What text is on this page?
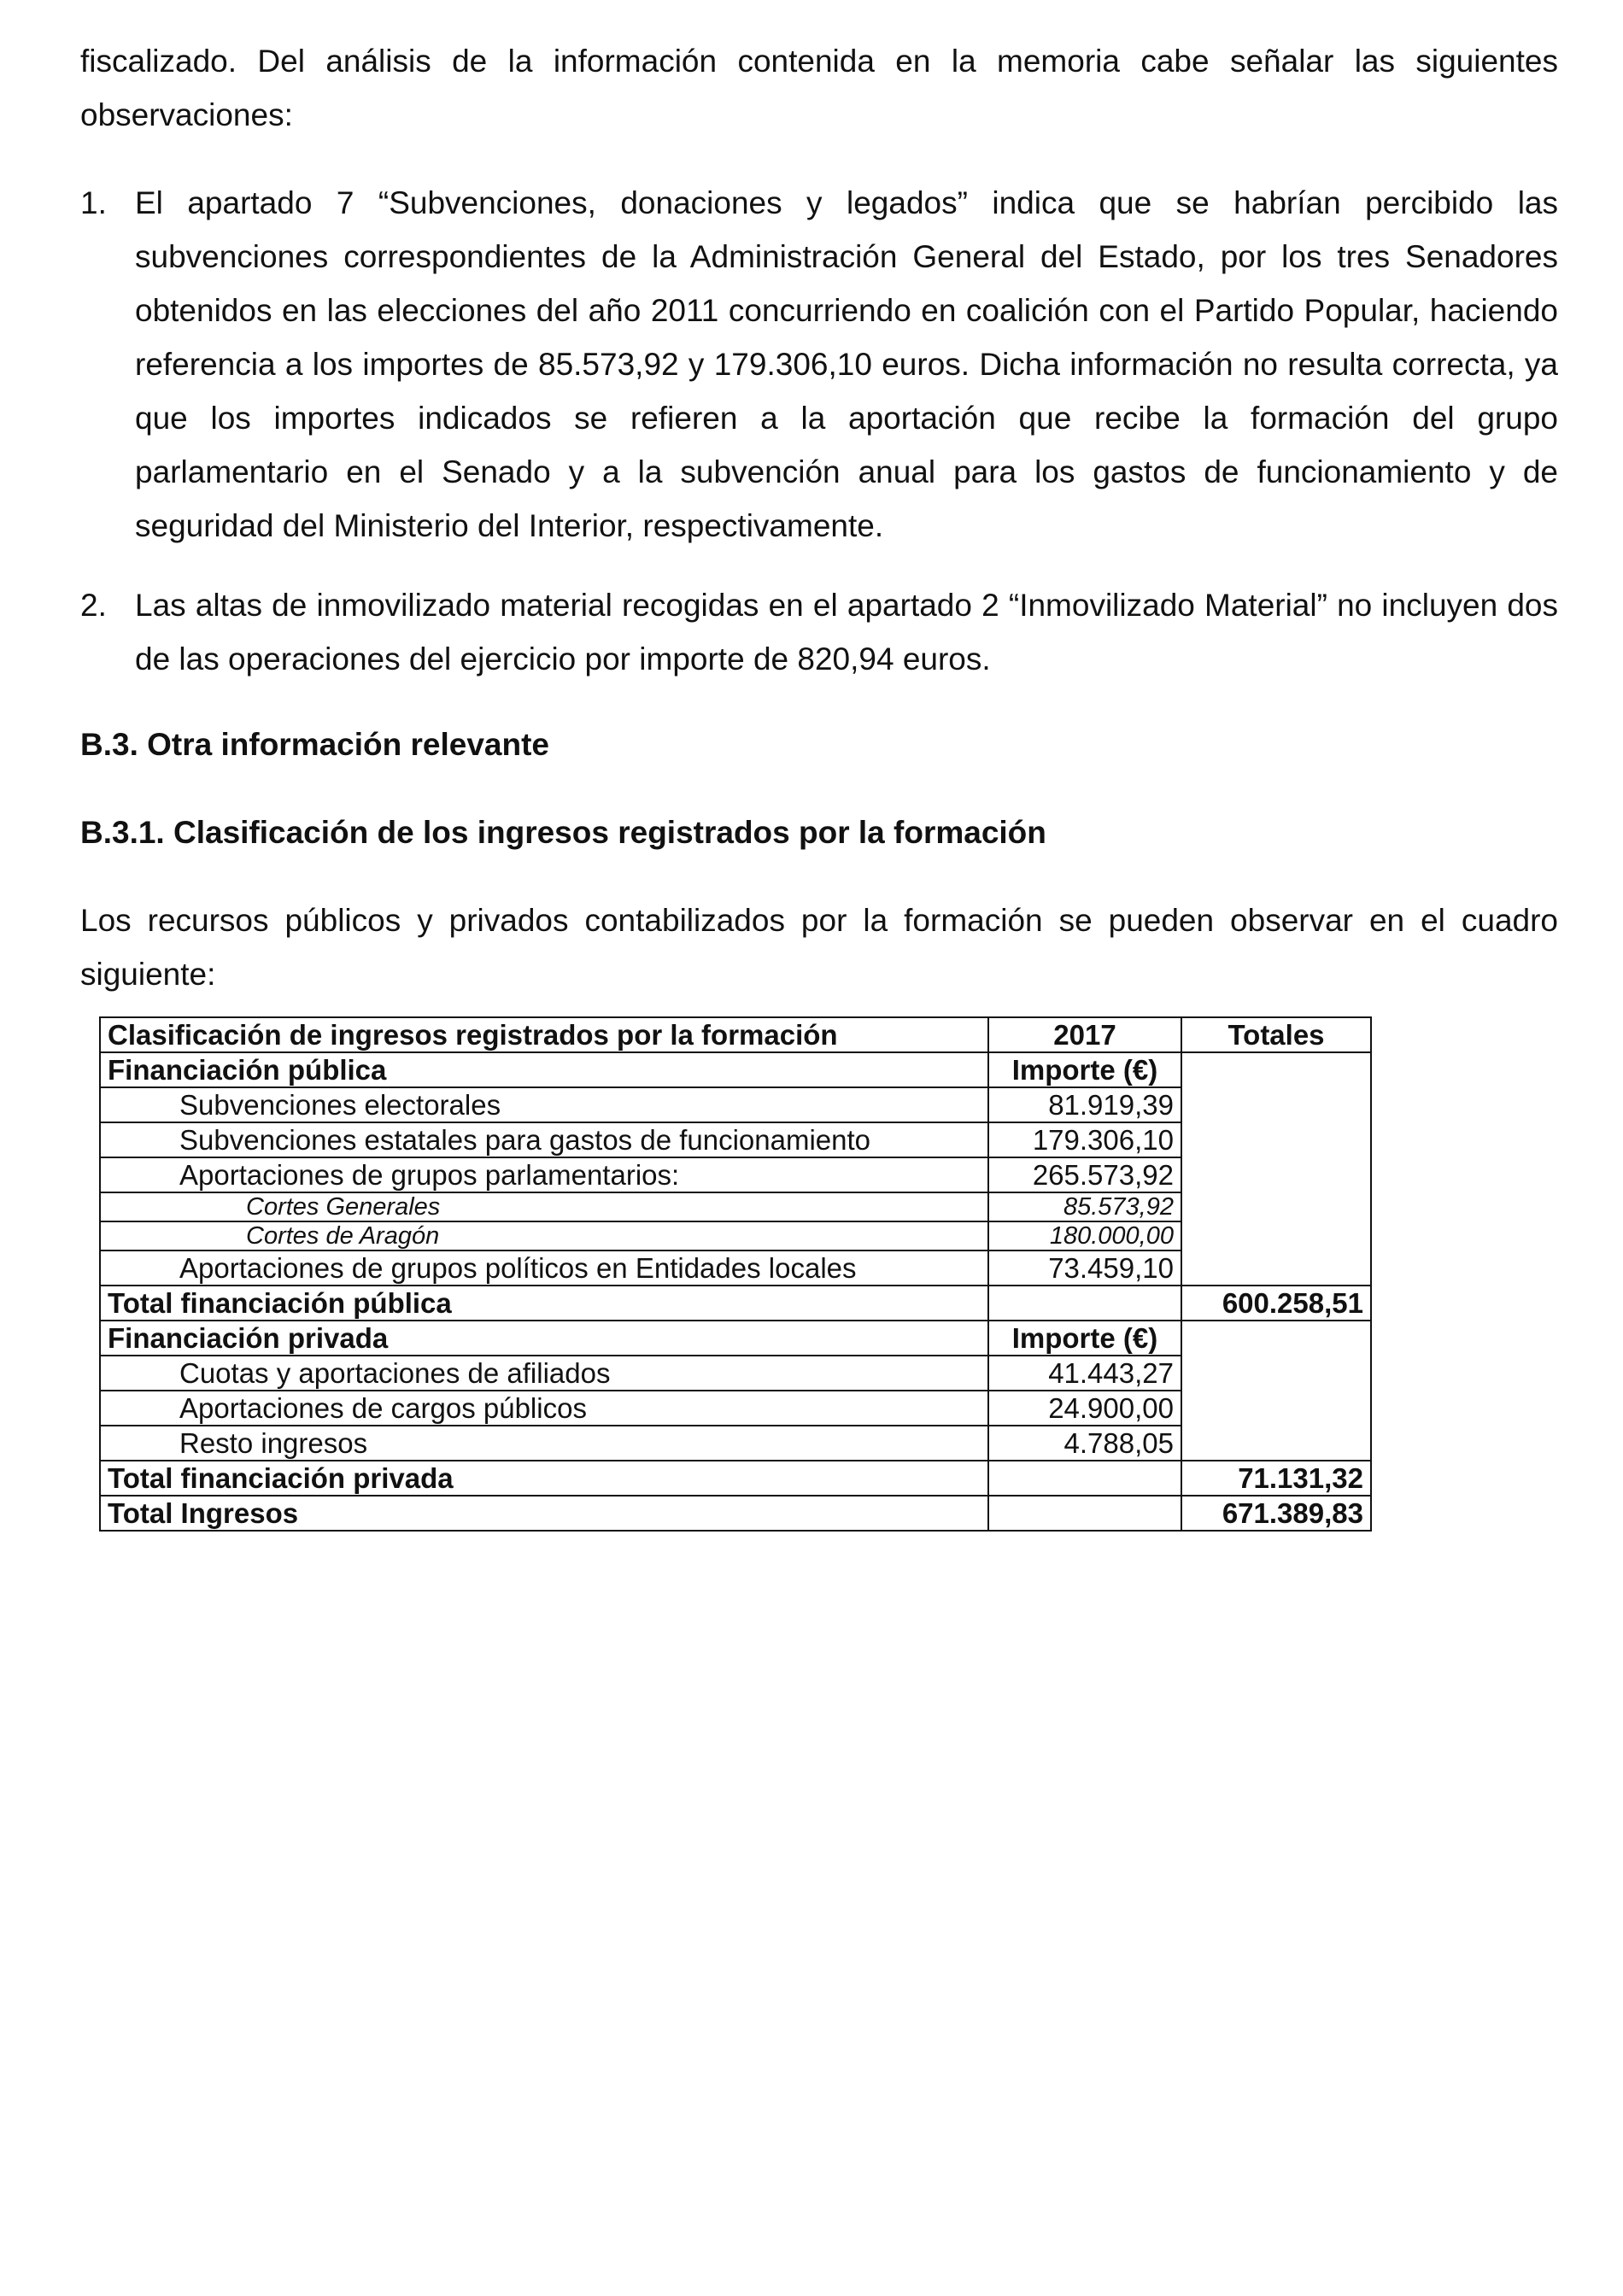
fiscalizado. Del análisis de la información contenida en la memoria cabe señalar las siguientes observaciones:

1. El apartado 7 “Subvenciones, donaciones y legados” indica que se habrían percibido las subvenciones correspondientes de la Administración General del Estado, por los tres Senadores obtenidos en las elecciones del año 2011 concurriendo en coalición con el Partido Popular, haciendo referencia a los importes de 85.573,92 y 179.306,10 euros. Dicha información no resulta correcta, ya que los importes indicados se refieren a la aportación que recibe la formación del grupo parlamentario en el Senado y a la subvención anual para los gastos de funcionamiento y de seguridad del Ministerio del Interior, respectivamente.

2. Las altas de inmovilizado material recogidas en el apartado 2 “Inmovilizado Material” no incluyen dos de las operaciones del ejercicio por importe de 820,94 euros.

B.3. Otra información relevante
B.3.1. Clasificación de los ingresos registrados por la formación

Los recursos públicos y privados contabilizados por la formación se pueden observar en el cuadro siguiente:

Clasificación de ingresos registrados por la formación	2017	Totales
Financiación pública	Importe (€)	
Subvenciones electorales	81.919,39	
Subvenciones estatales para gastos de funcionamiento	179.306,10	
Aportaciones de grupos parlamentarios:	265.573,92	
Cortes Generales	85.573,92	
Cortes de Aragón	180.000,00	
Aportaciones de grupos políticos en Entidades locales	73.459,10	
Total financiación pública		600.258,51
Financiación privada	Importe (€)	
Cuotas y aportaciones de afiliados	41.443,27	
Aportaciones de cargos públicos	24.900,00	
Resto ingresos	4.788,05	
Total financiación privada		71.131,32
Total Ingresos		671.389,83
